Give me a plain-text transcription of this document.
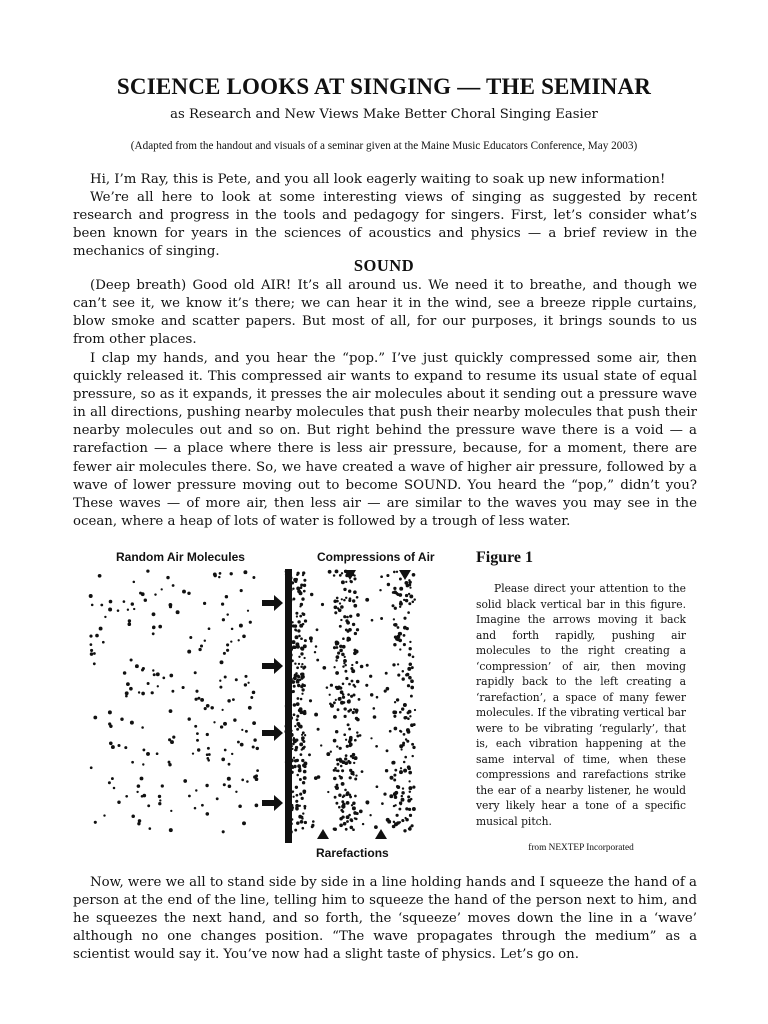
SCIENCE LOOKS AT SINGING — THE SEMINAR
as Research and New Views Make Better Choral Singing Easier
(Adapted from the handout and visuals of a seminar given at the Maine Music Educators Conference, May 2003)

Hi, I’m Ray, this is Pete, and you all look eagerly waiting to soak up new information!

We’re all here to look at some interesting views of singing as suggested by recent research and progress in the tools and pedagogy for singers. First, let’s consider what’s been known for years in the sciences of acoustics and physics — a brief review in the mechanics of singing.

SOUND

(Deep breath) Good old AIR! It’s all around us. We need it to breathe, and though we can’t see it, we know it’s there; we can hear it in the wind, see a breeze ripple curtains, blow smoke and scatter papers. But most of all, for our purposes, it brings sounds to us from other places.

I clap my hands, and you hear the “pop.” I’ve just quickly compressed some air, then quickly released it. This compressed air wants to expand to resume its usual state of equal pressure, so as it expands, it presses the air molecules about it sending out a pressure wave in all directions, pushing nearby molecules that push their nearby molecules that push their nearby molecules out and so on. But right behind the pressure wave there is a void — a rarefaction — a place where there is less air pressure, because, for a moment, there are fewer air molecules there. So, we have created a wave of higher air pressure, followed by a wave of lower pressure moving out to become SOUND. You heard the “pop,” didn’t you? These waves — of more air, then less air — are similar to the waves you may see in the ocean, where a heap of lots of water is followed by a trough of less water.

Random Air Molecules	Compressions of Air
Rarefactions
Figure 1

Please direct your attention to the solid black vertical bar in this figure. Imagine the arrows moving it back and forth rapidly, pushing air molecules to the right creating a ‘compression’ of air, then moving rapidly back to the left creating a ‘rarefaction’, a space of many fewer molecules. If the vibrating vertical bar were to be vibrating ‘regularly’, that is, each vibration happening at the same interval of time, when these compressions and rarefactions strike the ear of a nearby listener, he would very likely hear a tone of a specific musical pitch.

from NEXTEP Incorporated

Now, were we all to stand side by side in a line holding hands and I squeeze the hand of a person at the end of the line, telling him to squeeze the hand of the person next to him, and he squeezes the next hand, and so forth, the ‘squeeze’ moves down the line in a ‘wave’ although no one changes position. “The wave propagates through the medium” as a scientist would say it. You’ve now had a slight taste of physics. Let’s go on.
